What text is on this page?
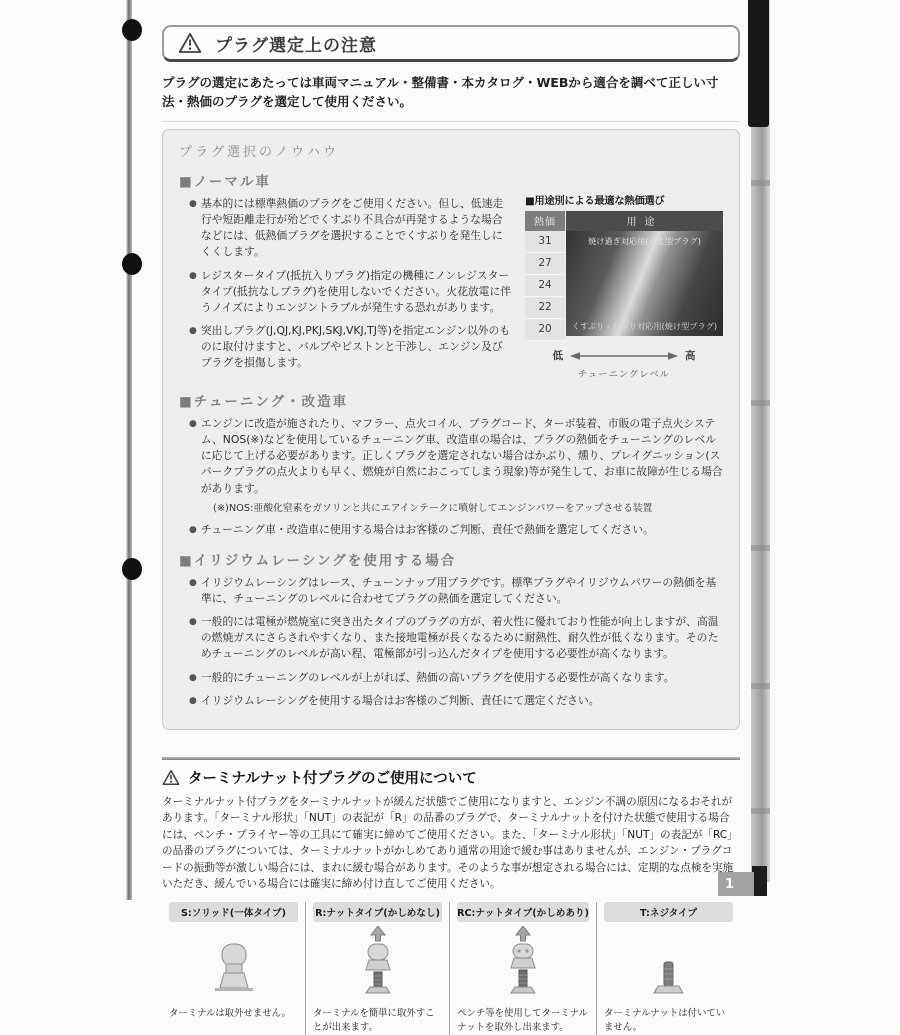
1
プラグ選定上の注意
プラグの選定にあたっては車両マニュアル・整備書・本カタログ・WEBから適合を調べて正しい寸法・熱価のプラグを選定して使用ください。
プラグ選択のノウハウ
■ノーマル車
● 基本的には標準熱価のプラグをご使用ください。但し、低速走行や短距離走行が殆どでくすぶり不具合が再発するような場合などには、低熱価プラグを選択することでくすぶりを発生しにくくします。
● レジスタータイプ(抵抗入りプラグ)指定の機種にノンレジスタータイプ(抵抗なしプラグ)を使用しないでください。火花放電に伴うノイズによりエンジントラブルが発生する恐れがあります。
● 突出しプラグ(J,QJ,KJ,PKJ,SKJ,VKJ,TJ等)を指定エンジン以外のものに取付けますと、バルブやピストンと干渉し、エンジン及びプラグを損傷します。
■用途別による最適な熱価選び
熱価	用途
31
27
24
22
20
焼け過ぎ対応用(冷え型プラグ)
くすぶり・かぶり対応用(焼け型プラグ)
低	高
チューニングレベル
■チューニング・改造車
● エンジンに改造が施されたり、マフラー、点火コイル、プラグコード、ターボ装着、市販の電子点火システム、NOS(※)などを使用しているチューニング車、改造車の場合は、プラグの熱価をチューニングのレベルに応じて上げる必要があります。正しくプラグを選定されない場合はかぶり、燻り、プレイグニッション(スパークプラグの点火よりも早く、燃焼が自然におこってしまう現象)等が発生して、お車に故障が生じる場合があります。
(※)NOS:亜酸化窒素をガソリンと共にエアインテークに噴射してエンジンパワーをアップさせる装置
● チューニング車・改造車に使用する場合はお客様のご判断、責任で熱価を選定してください。
■イリジウムレーシングを使用する場合
● イリジウムレーシングはレース、チューンナップ用プラグです。標準プラグやイリジウムパワーの熱価を基準に、チューニングのレベルに合わせてプラグの熱価を選定してください。
● 一般的には電極が燃焼室に突き出たタイプのプラグの方が、着火性に優れており性能が向上しますが、高温の燃焼ガスにさらされやすくなり、また接地電極が長くなるために耐熱性、耐久性が低くなります。そのためチューニングのレベルが高い程、電極部が引っ込んだタイプを使用する必要性が高くなります。
● 一般的にチューニングのレベルが上がれば、熱価の高いプラグを使用する必要性が高くなります。
● イリジウムレーシングを使用する場合はお客様のご判断、責任にて選定ください。
ターミナルナット付プラグのご使用について
ターミナルナット付プラグをターミナルナットが緩んだ状態でご使用になりますと、エンジン不調の原因になるおそれがあります。「ターミナル形状」「NUT」の表記が「R」の品番のプラグで、ターミナルナットを付けた状態で使用する場合には、ペンチ・プライヤー等の工具にて確実に締めてご使用ください。また、「ターミナル形状」「NUT」の表記が「RC」の品番のプラグについては、ターミナルナットがかしめてあり通常の用途で緩む事はありませんが、エンジン・プラグコードの振動等が激しい場合には、まれに緩む場合があります。そのような事が想定される場合には、定期的な点検を実施いただき、緩んでいる場合には確実に締め付け直してご使用ください。
S:ソリッド(一体タイプ)
ターミナルは取外せません。
R:ナットタイプ(かしめなし)
ターミナルを簡単に取外すことが出来ます。
RC:ナットタイプ(かしめあり)
ペンチ等を使用してターミナルナットを取外し出来ます。
T:ネジタイプ
ターミナルナットは付いていません。
